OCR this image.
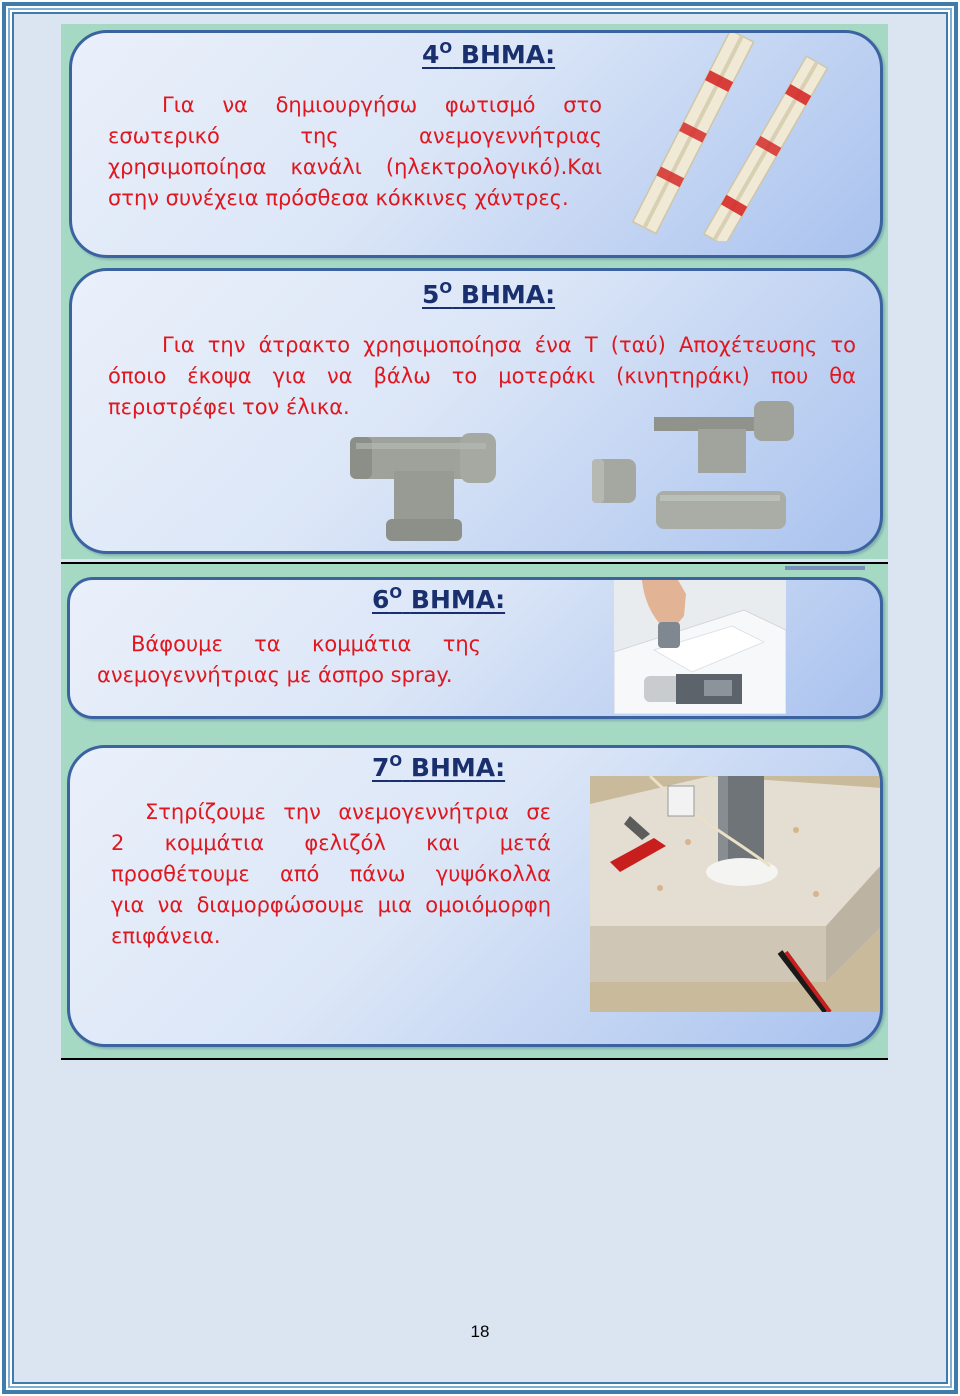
$4^O$ ΒΗΜΑ:
Για να δημιουργήσω φωτισμό στο
εσωτερικό της ανεμογεννήτριας
χρησιμοποίησα κανάλι (ηλεκτρολογικό).Και
στην συνέχεια πρόσθεσα κόκκινες χάντρες.
$5^O$ ΒΗΜΑ:
Για την άτρακτο χρησιμοποίησα ένα Τ (ταύ) Αποχέτευσης το
όποιο έκοψα για να βάλω το μοτεράκι (κινητηράκι) που θα
περιστρέφει τον έλικα.
$6^O$ ΒΗΜΑ:
Βάφουμε τα κομμάτια της
ανεμογεννήτριας με άσπρο spray.
$7^O$ ΒΗΜΑ:
Στηρίζουμε την ανεμογεννήτρια σε
2 κομμάτια φελιζόλ και μετά
προσθέτουμε από πάνω γυψόκολλα
για να διαμορφώσουμε μια ομοιόμορφη
επιφάνεια.
18
